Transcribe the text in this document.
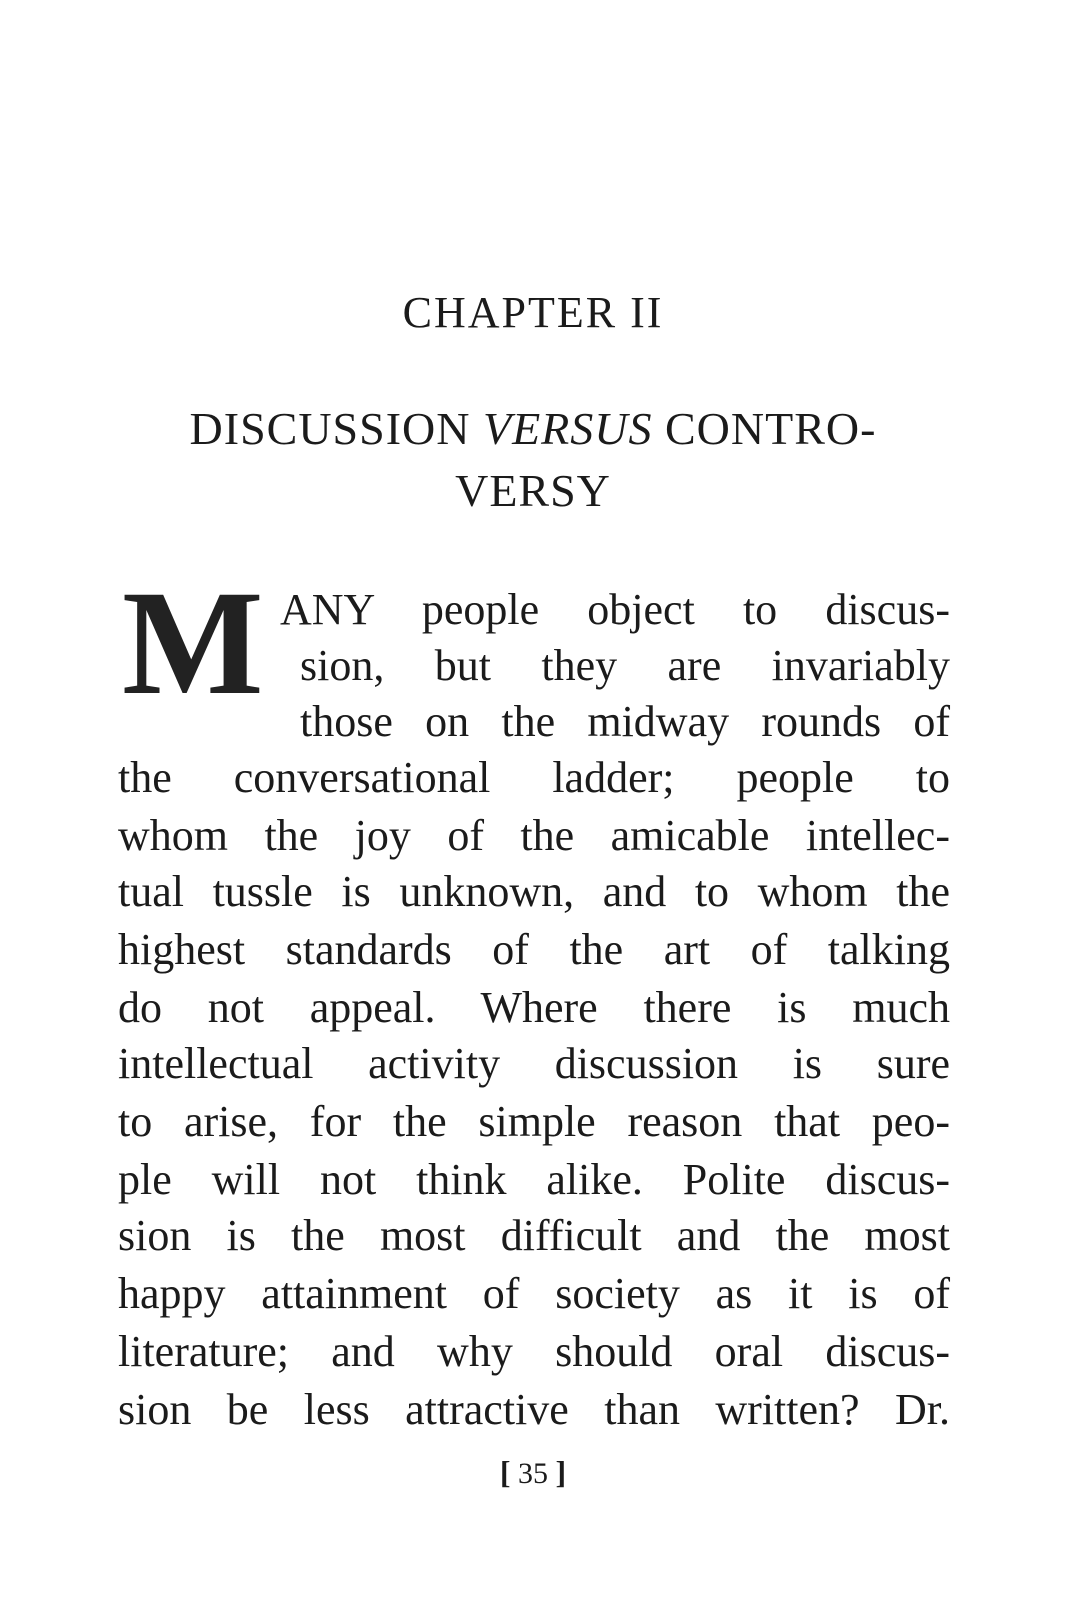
CHAPTER II
DISCUSSION VERSUS CONTRO-
VERSY
M ANY people object to discus-
sion, but they are invariably
those on the midway rounds of
the conversational ladder; people to
whom the joy of the amicable intellec-
tual tussle is unknown, and to whom the
highest standards of the art of talking
do not appeal. Where there is much
intellectual activity discussion is sure
to arise, for the simple reason that peo-
ple will not think alike. Polite discus-
sion is the most difficult and the most
happy attainment of society as it is of
literature; and why should oral discus-
sion be less attractive than written? Dr.
[ 35 ]
